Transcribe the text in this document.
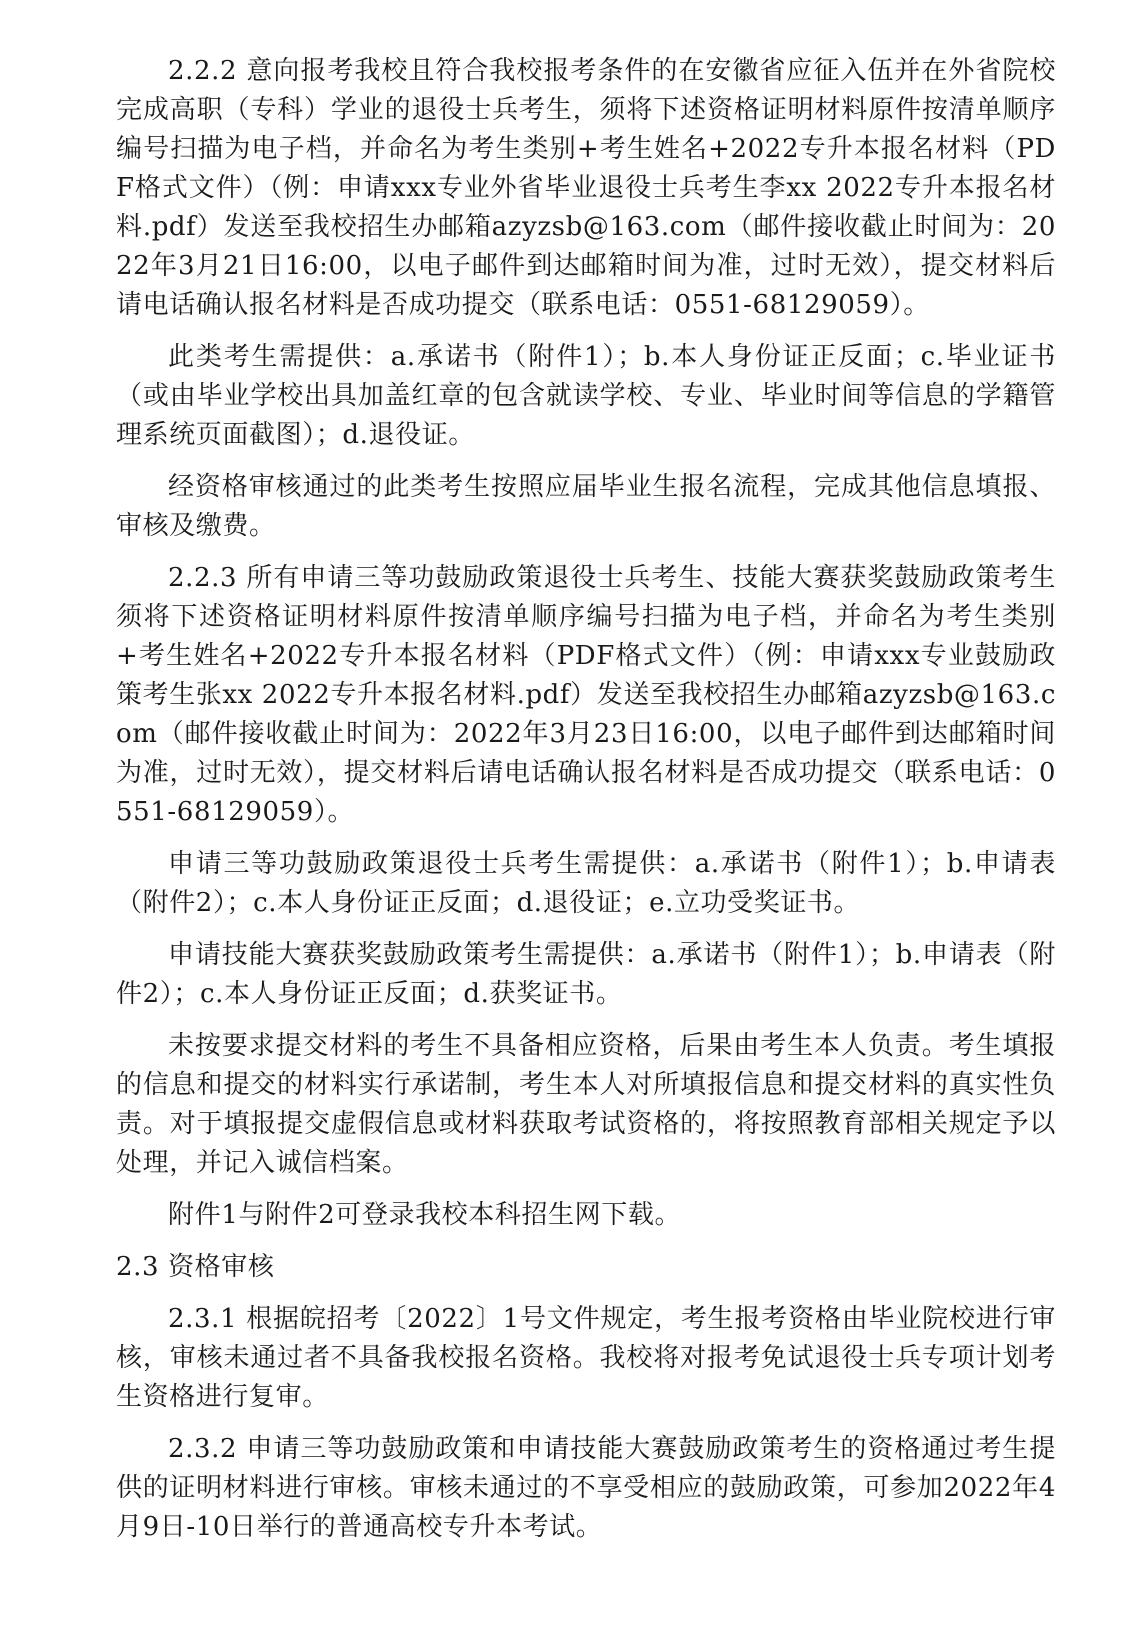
2.2.2 意向报考我校且符合我校报考条件的在安徽省应征入伍并在外省院校完成高职（专科）学业的退役士兵考生，须将下述资格证明材料原件按清单顺序编号扫描为电子档，并命名为考生类别+考生姓名+2022专升本报名材料（PDF格式文件）（例：申请xxx专业外省毕业退役士兵考生李xx 2022专升本报名材料.pdf）发送至我校招生办邮箱azyzsb@163.com（邮件接收截止时间为：2022年3月21日16:00，以电子邮件到达邮箱时间为准，过时无效），提交材料后请电话确认报名材料是否成功提交（联系电话：0551-68129059）。

此类考生需提供：a.承诺书（附件1）；b.本人身份证正反面；c.毕业证书（或由毕业学校出具加盖红章的包含就读学校、专业、毕业时间等信息的学籍管理系统页面截图）；d.退役证。

经资格审核通过的此类考生按照应届毕业生报名流程，完成其他信息填报、审核及缴费。

2.2.3 所有申请三等功鼓励政策退役士兵考生、技能大赛获奖鼓励政策考生须将下述资格证明材料原件按清单顺序编号扫描为电子档，并命名为考生类别+考生姓名+2022专升本报名材料（PDF格式文件）（例：申请xxx专业鼓励政策考生张xx 2022专升本报名材料.pdf）发送至我校招生办邮箱azyzsb@163.com（邮件接收截止时间为：2022年3月23日16:00，以电子邮件到达邮箱时间为准，过时无效），提交材料后请电话确认报名材料是否成功提交（联系电话：0551-68129059）。

申请三等功鼓励政策退役士兵考生需提供：a.承诺书（附件1）；b.申请表（附件2）；c.本人身份证正反面；d.退役证；e.立功受奖证书。

申请技能大赛获奖鼓励政策考生需提供：a.承诺书（附件1）；b.申请表（附件2）；c.本人身份证正反面；d.获奖证书。

未按要求提交材料的考生不具备相应资格，后果由考生本人负责。考生填报的信息和提交的材料实行承诺制，考生本人对所填报信息和提交材料的真实性负责。对于填报提交虚假信息或材料获取考试资格的，将按照教育部相关规定予以处理，并记入诚信档案。

附件1与附件2可登录我校本科招生网下载。

2.3 资格审核

2.3.1 根据皖招考〔2022〕1号文件规定，考生报考资格由毕业院校进行审核，审核未通过者不具备我校报名资格。我校将对报考免试退役士兵专项计划考生资格进行复审。

2.3.2 申请三等功鼓励政策和申请技能大赛鼓励政策考生的资格通过考生提供的证明材料进行审核。审核未通过的不享受相应的鼓励政策，可参加2022年4月9日-10日举行的普通高校专升本考试。
